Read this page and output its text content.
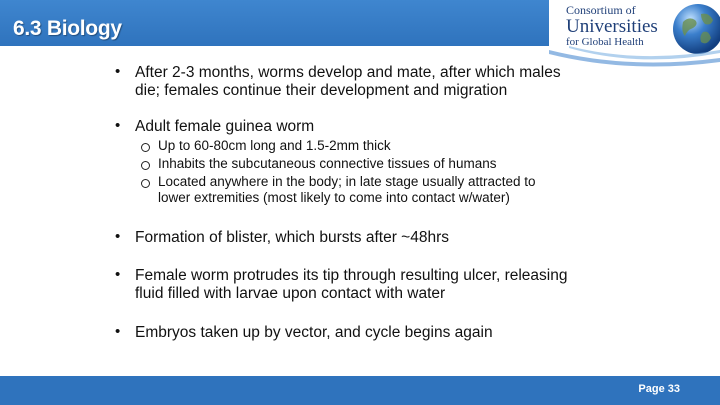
6.3 Biology
Consortium of
Universities
for Global Health
• After 2-3 months, worms develop and mate, after which males
die; females continue their development and migration
• Adult female guinea worm
Up to 60-80cm long and 1.5-2mm thick
Inhabits the subcutaneous connective tissues of humans
Located anywhere in the body; in late stage usually attracted to
lower extremities (most likely to come into contact w/water)
• Formation of blister, which bursts after ~48hrs
• Female worm protrudes its tip through resulting ulcer, releasing
fluid filled with larvae upon contact with water
• Embryos taken up by vector, and cycle begins again
Page 33
